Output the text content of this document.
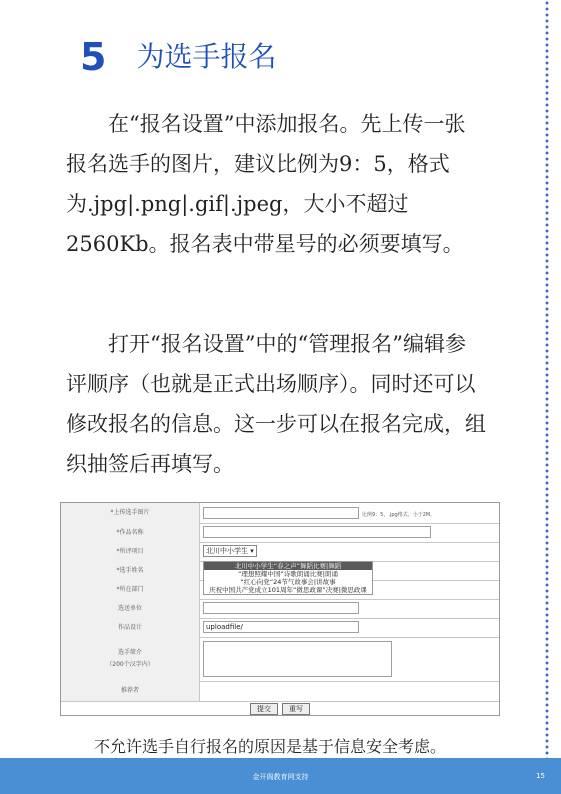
5 为选手报名

在“报名设置”中添加报名。先上传一张报名选手的图片，建议比例为9：5，格式为.jpg|.png|.gif|.jpeg，大小不超过2560Kb。报名表中带星号的必须要填写。

打开“报名设置”中的“管理报名”编辑参评顺序（也就是正式出场顺序）。同时还可以修改报名的信息。这一步可以在报名完成，组织抽签后再填写。

*上传选手图片	比例9：5，.jpg格式，小于2M。
*作品名称
*所评项目	北川中小学生 ▾
*选手姓名
*所在部门
选送单位
作品设计	uploadfile/
选手简介
（200个汉字内）
推荐者
提交	重写
北川中小学生“春之声”舞蹈比赛|舞蹈
“理想照耀中国”诗歌朗诵比赛|朗诵
“红心向党“24节气故事会|讲故事
庆祝中国共产党成立101周年“微思政课”决赛|微思政课
不允许选手自行报名的原因是基于信息安全考虑。
金开阁教育网支持	15
